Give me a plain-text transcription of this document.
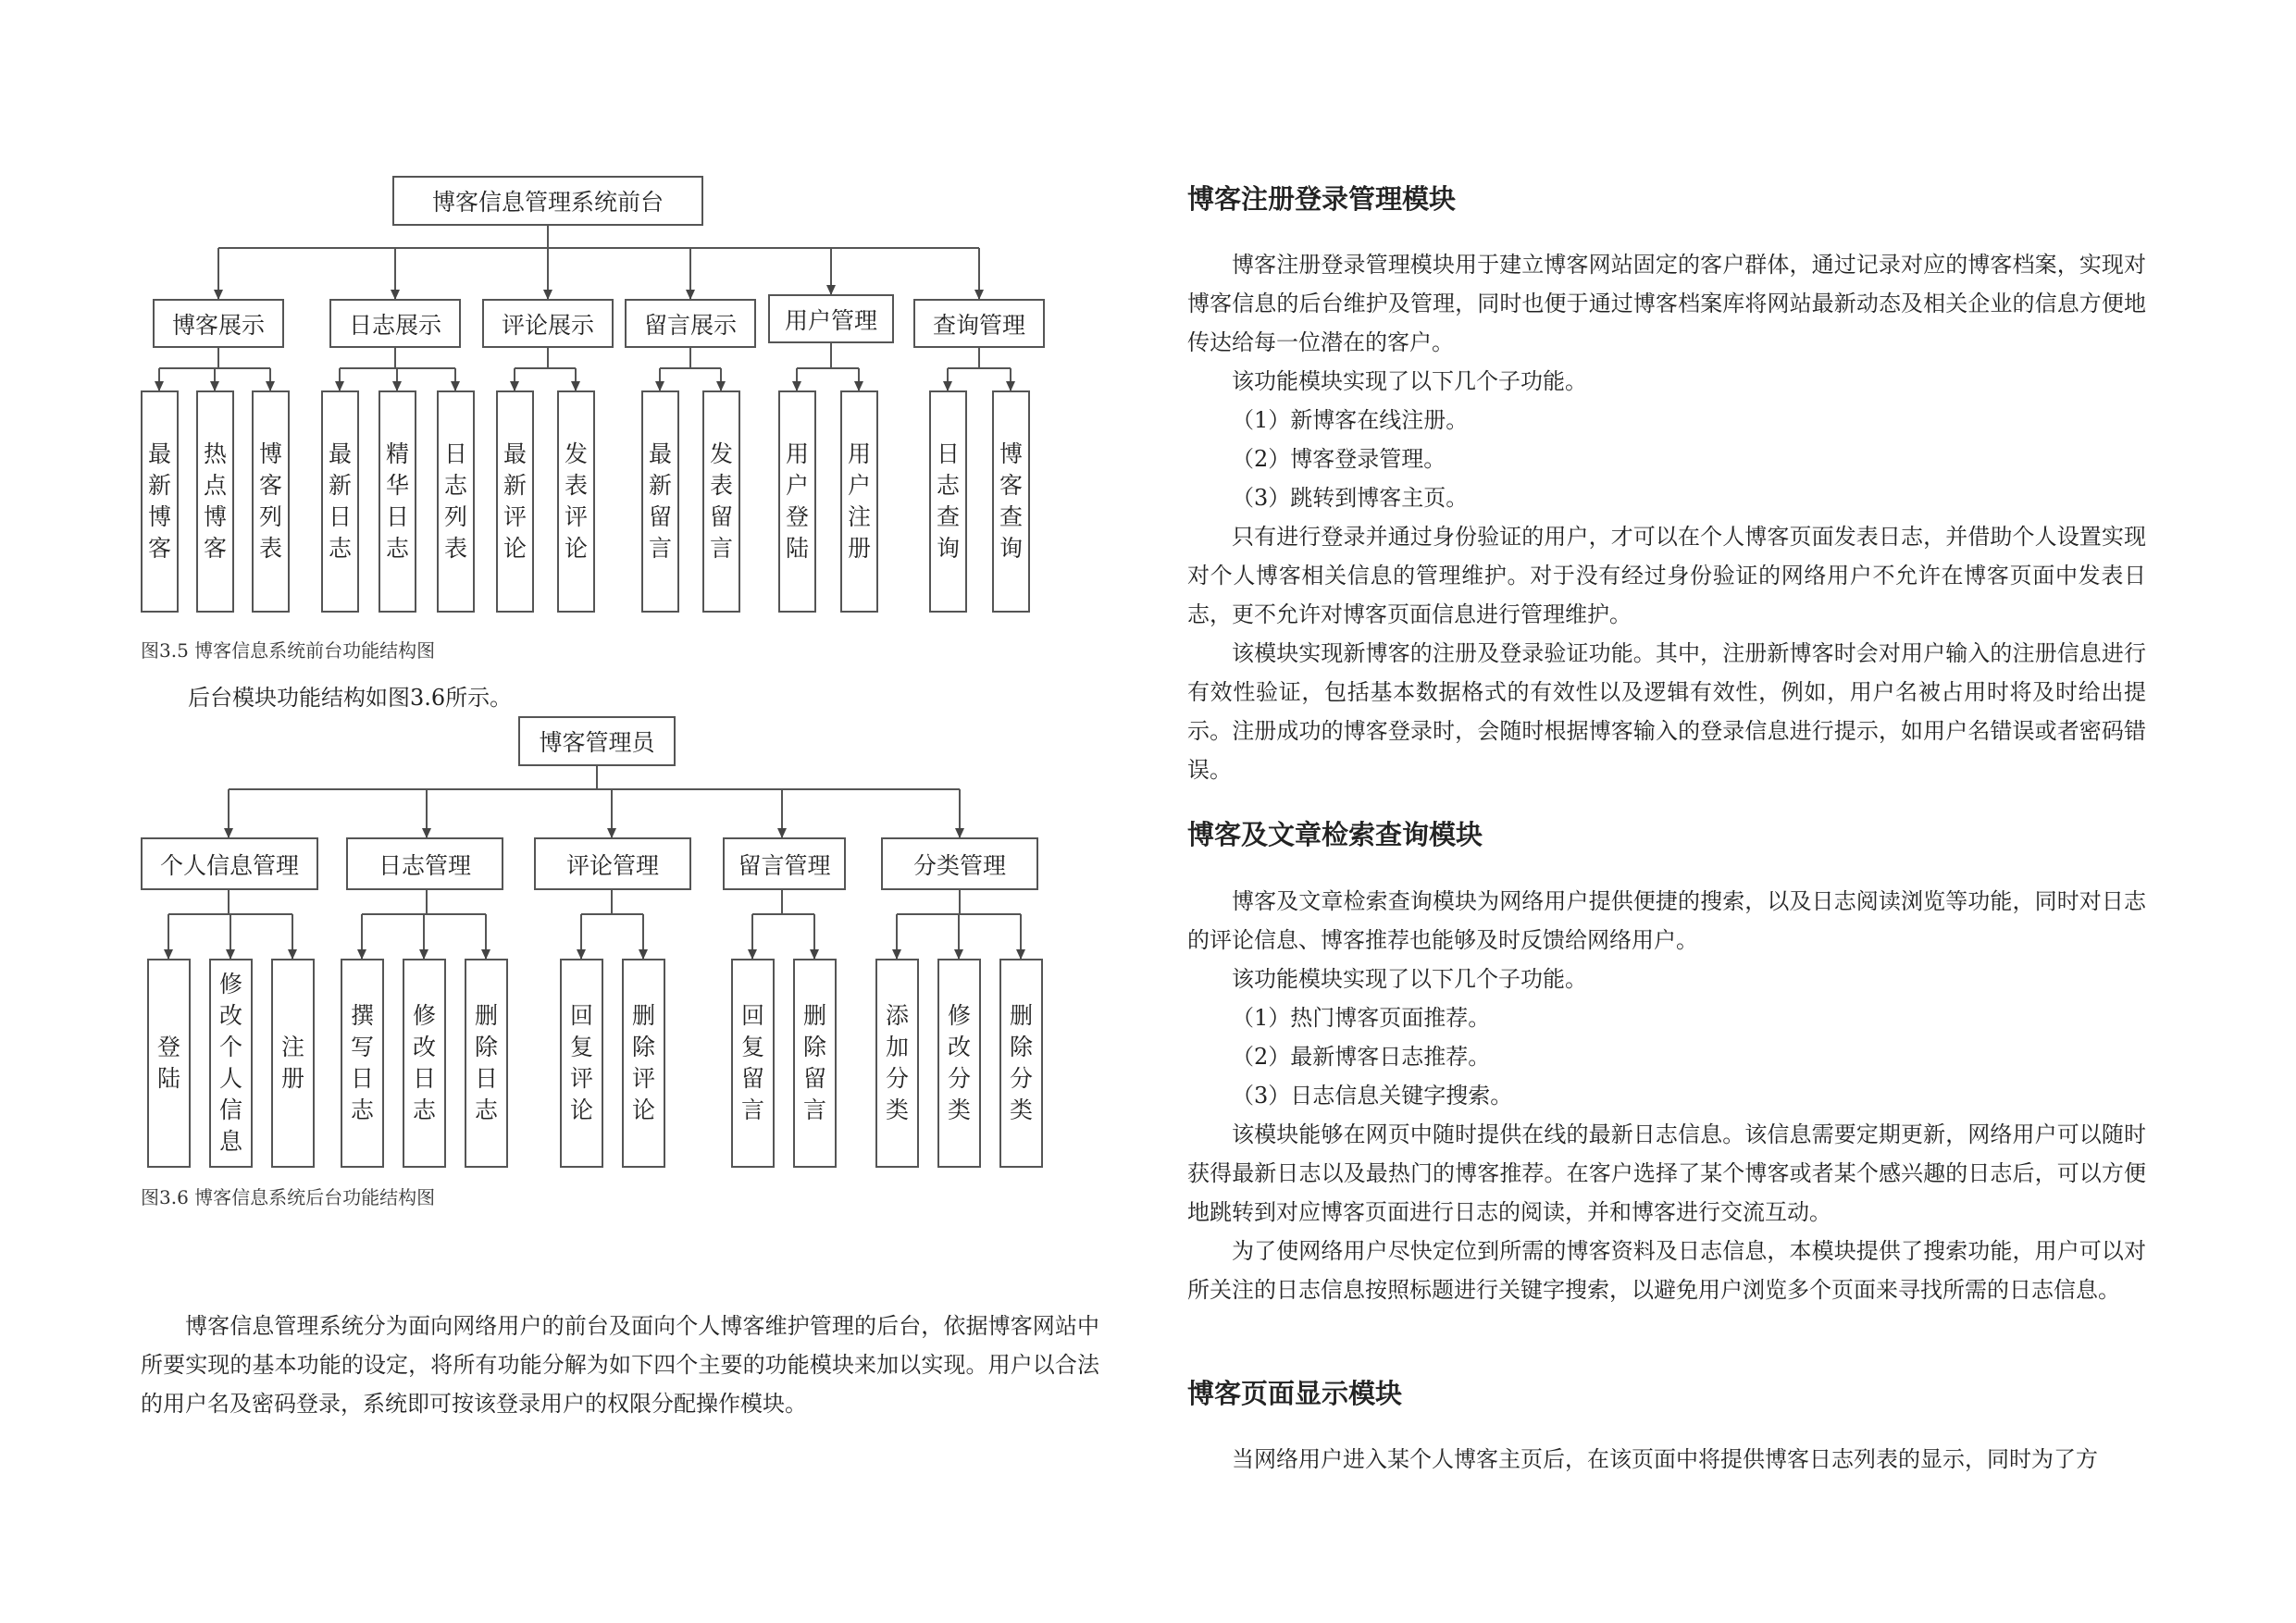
博客信息管理系统前台
博客展示	日志展示	评论展示	留言展示	用户管理	查询管理
最新博客
热点博客
博客列表
最新日志
精华日志
日志列表
最新评论
发表评论
最新留言
发表留言
用户登陆
用户注册
日志查询
博客查询
图3.5 博客信息系统前台功能结构图
后台模块功能结构如图3.6所示。
博客管理员
个人信息管理	日志管理	评论管理	留言管理	分类管理
登陆
修改个人信息
注册
撰写日志
修改日志
删除日志
回复评论
删除评论
回复留言
删除留言
添加分类
修改分类
删除分类
图3.6 博客信息系统后台功能结构图

博客信息管理系统分为面向网络用户的前台及面向个人博客维护管理的后台，依据博客网站中所要实现的基本功能的设定，将所有功能分解为如下四个主要的功能模块来加以实现。用户以合法的用户名及密码登录，系统即可按该登录用户的权限分配操作模块。

博客注册登录管理模块

博客注册登录管理模块用于建立博客网站固定的客户群体，通过记录对应的博客档案，实现对博客信息的后台维护及管理，同时也便于通过博客档案库将网站最新动态及相关企业的信息方便地传达给每一位潜在的客户。

该功能模块实现了以下几个子功能。
（1）新博客在线注册。
（2）博客登录管理。
（3）跳转到博客主页。

只有进行登录并通过身份验证的用户，才可以在个人博客页面发表日志，并借助个人设置实现对个人博客相关信息的管理维护。对于没有经过身份验证的网络用户不允许在博客页面中发表日志，更不允许对博客页面信息进行管理维护。

该模块实现新博客的注册及登录验证功能。其中，注册新博客时会对用户输入的注册信息进行有效性验证，包括基本数据格式的有效性以及逻辑有效性，例如，用户名被占用时将及时给出提示。注册成功的博客登录时，会随时根据博客输入的登录信息进行提示，如用户名错误或者密码错误。

博客及文章检索查询模块

博客及文章检索查询模块为网络用户提供便捷的搜索，以及日志阅读浏览等功能，同时对日志的评论信息、博客推荐也能够及时反馈给网络用户。

该功能模块实现了以下几个子功能。
（1）热门博客页面推荐。
（2）最新博客日志推荐。
（3）日志信息关键字搜索。

该模块能够在网页中随时提供在线的最新日志信息。该信息需要定期更新，网络用户可以随时获得最新日志以及最热门的博客推荐。在客户选择了某个博客或者某个感兴趣的日志后，可以方便地跳转到对应博客页面进行日志的阅读，并和博客进行交流互动。

为了使网络用户尽快定位到所需的博客资料及日志信息，本模块提供了搜索功能，用户可以对所关注的日志信息按照标题进行关键字搜索，以避免用户浏览多个页面来寻找所需的日志信息。

博客页面显示模块

当网络用户进入某个人博客主页后，在该页面中将提供博客日志列表的显示，同时为了方
